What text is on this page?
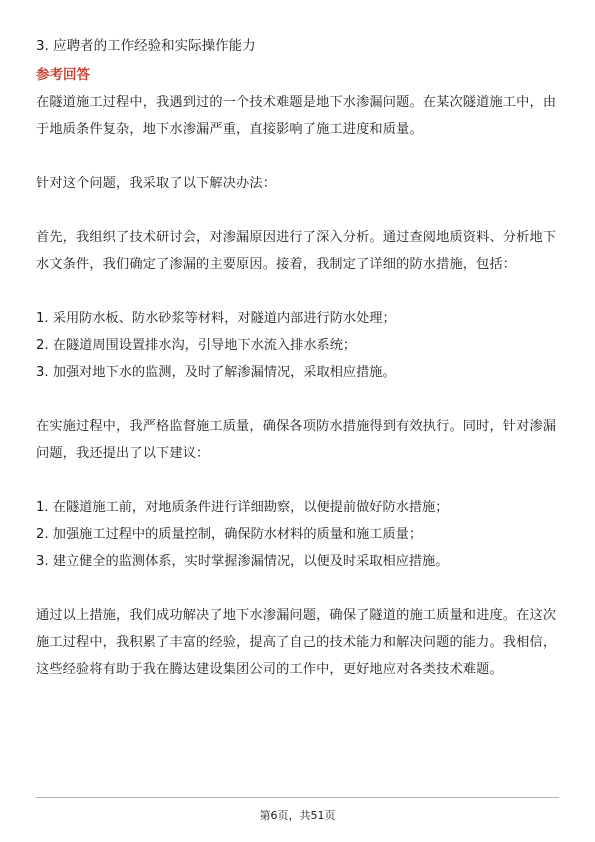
3. 应聘者的工作经验和实际操作能力
参考回答

在隧道施工过程中，我遇到过的一个技术难题是地下水渗漏问题。在某次隧道施工中，由于地质条件复杂，地下水渗漏严重，直接影响了施工进度和质量。

针对这个问题，我采取了以下解决办法：

首先，我组织了技术研讨会，对渗漏原因进行了深入分析。通过查阅地质资料、分析地下水文条件，我们确定了渗漏的主要原因。接着，我制定了详细的防水措施，包括：

1. 采用防水板、防水砂浆等材料，对隧道内部进行防水处理；

2. 在隧道周围设置排水沟，引导地下水流入排水系统；

3. 加强对地下水的监测，及时了解渗漏情况，采取相应措施。

在实施过程中，我严格监督施工质量，确保各项防水措施得到有效执行。同时，针对渗漏问题，我还提出了以下建议：

1. 在隧道施工前，对地质条件进行详细勘察，以便提前做好防水措施；

2. 加强施工过程中的质量控制，确保防水材料的质量和施工质量；

3. 建立健全的监测体系，实时掌握渗漏情况，以便及时采取相应措施。

通过以上措施，我们成功解决了地下水渗漏问题，确保了隧道的施工质量和进度。在这次施工过程中，我积累了丰富的经验，提高了自己的技术能力和解决问题的能力。我相信，这些经验将有助于我在腾达建设集团公司的工作中，更好地应对各类技术难题。

第6页，共51页
